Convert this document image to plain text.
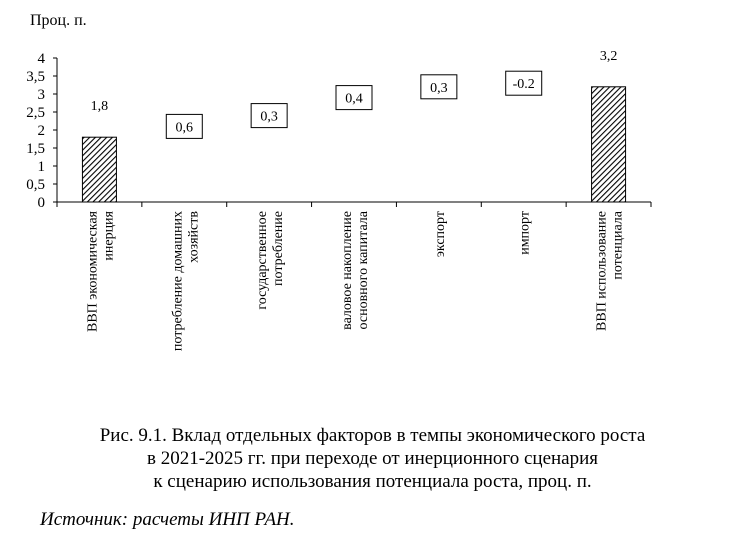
Проц. п.
0
0,5
1
1,5
2
2,5
3
3,5
4
1,8
0,6
0,3
0,4
0,3	-0.2
3,2
ВВП экономическая инерция	потребление домашних хозяйств	государственное потребление	валовое накопление основного капитала	экспорт	импорт	ВВП использование потенциала
Рис. 9.1. Вклад отдельных факторов в темпы экономического роста
в 2021-2025 гг. при переходе от инерционного сценария
к сценарию использования потенциала роста, проц. п.
Источник: расчеты ИНП РАН.
